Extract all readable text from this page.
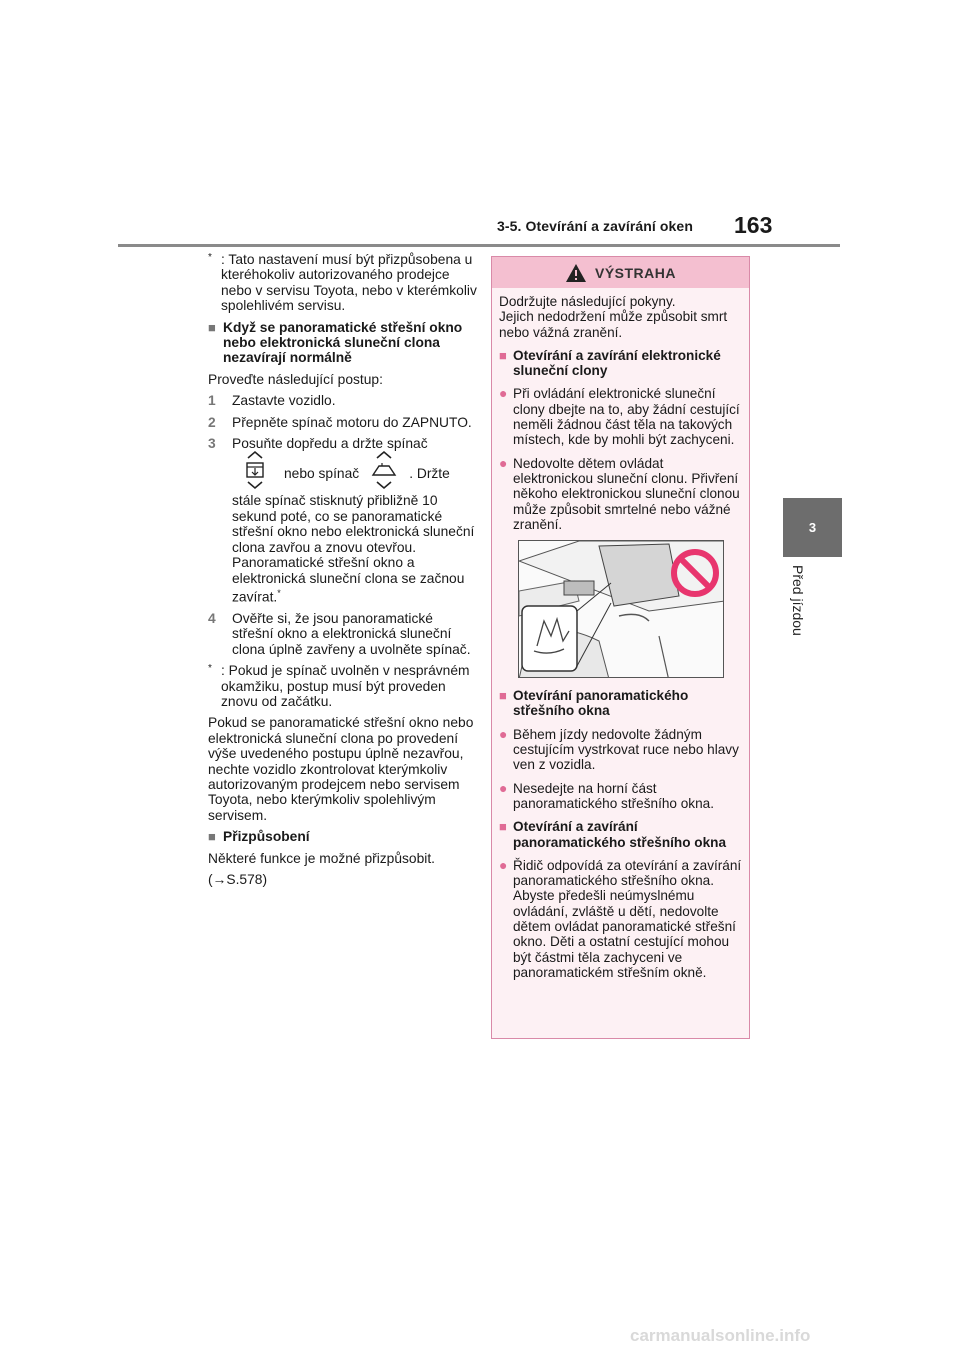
3-5. Otevírání a zavírání oken 163
3
Před jízdou
* : Tato nastavení musí být přizpůsobena u kteréhokoliv autorizovaného prodejce nebo v servisu Toyota, nebo v kterémkoliv spolehlivém servisu.
■ Když se panoramatické střešní okno nebo elektronická sluneční clona nezavírají normálně

Proveďte následující postup:

1	Zastavte vozidlo.
2	Přepněte spínač motoru do ZAPNUTO.
3	Posuňte dopředu a držte spínač
nebo spínač	. Držte
stále spínač stisknutý přibližně 10 sekund poté, co se panoramatické střešní okno nebo elektronická sluneční clona zavřou a znovu otevřou. Panoramatické střešní okno a elektronická sluneční clona se začnou zavírat.*
4	Ověřte si, že jsou panoramatické střešní okno a elektronická sluneční clona úplně zavřeny a uvolněte spínač.
* : Pokud je spínač uvolněn v nesprávném okamžiku, postup musí být proveden znovu od začátku.

Pokud se panoramatické střešní okno nebo elektronická sluneční clona po provedení výše uvedeného postupu úplně nezavřou, nechte vozidlo zkontrolovat kterýmkoliv autorizovaným prodejcem nebo servisem Toyota, nebo kterýmkoliv spolehlivým servisem.

■ Přizpůsobení
Některé funkce je možné přizpůsobit.
(→S.578)
VÝSTRAHA
Dodržujte následující pokyny.
Jejich nedodržení může způsobit smrt nebo vážná zranění.
■ Otevírání a zavírání elektronické sluneční clony
● Při ovládání elektronické sluneční clony dbejte na to, aby žádní cestující neměli žádnou část těla na takových místech, kde by mohli být zachyceni.
● Nedovolte dětem ovládat elektronickou sluneční clonu. Přivření někoho elektronickou sluneční clonou může způsobit smrtelné nebo vážné zranění.
■ Otevírání panoramatického střešního okna
● Během jízdy nedovolte žádným cestujícím vystrkovat ruce nebo hlavy ven z vozidla.
● Nesedejte na horní část panoramatického střešního okna.
■ Otevírání a zavírání panoramatického střešního okna
● Řidič odpovídá za otevírání a zavírání panoramatického střešního okna. Abyste předešli neúmyslnému ovládání, zvláště u dětí, nedovolte dětem ovládat panoramatické střešní okno. Děti a ostatní cestující mohou být částmi těla zachyceni ve panoramatickém střešním okně.
carmanualsonline.info
